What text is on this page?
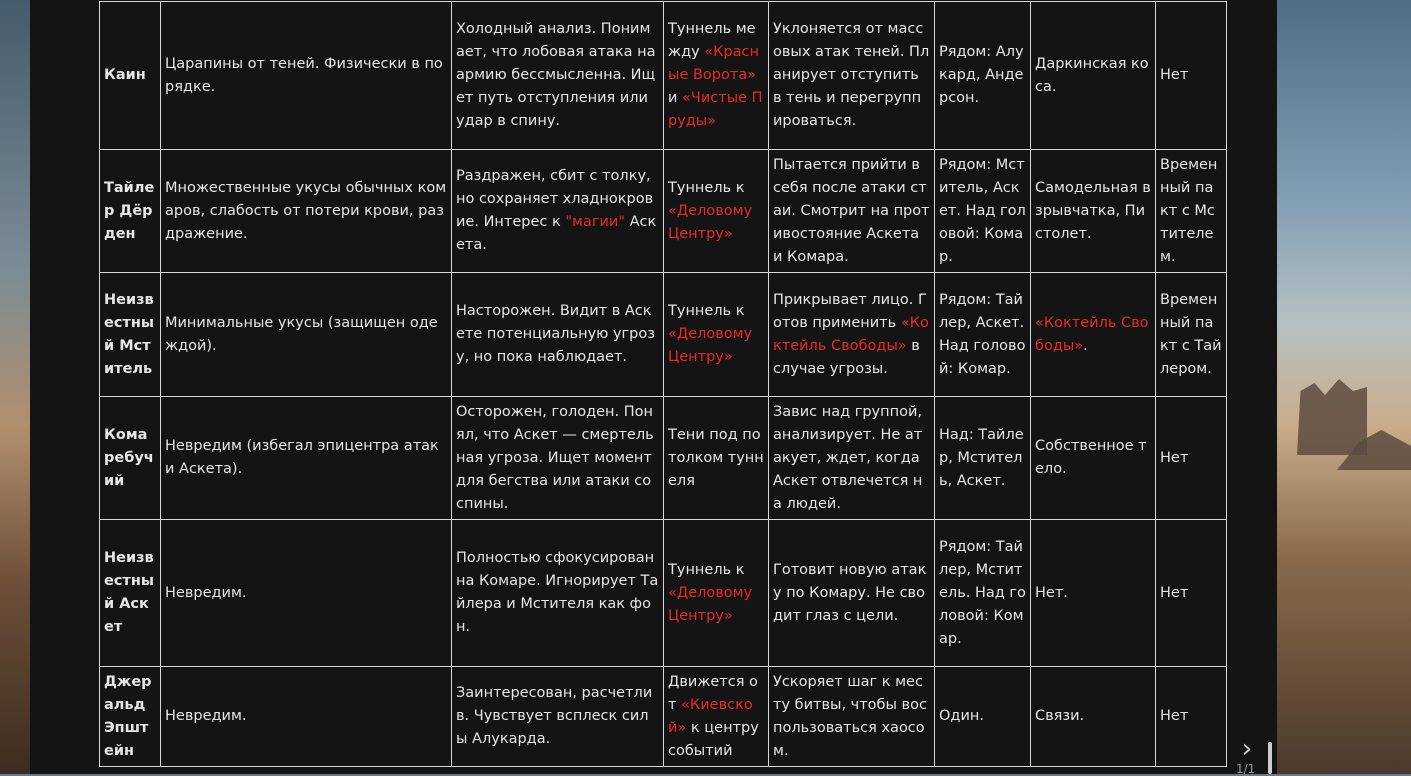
Каин	Царапины от теней. Физически в порядке.	Холодный анализ. Понимает, что лобовая атака на армию бессмысленна. Ищет путь отступления или удар в спину.	Туннель между «Красные Ворота» и «Чистые Пруды»	Уклоняется от массовых атак теней. Планирует отступить в тень и перегруппироваться.	Рядом: Алукард, Андерсон.	Даркинская коса.	Нет
Тайлер Дёрден	Множественные укусы обычных комаров, слабость от потери крови, раздражение.	Раздражен, сбит с толку, но сохраняет хладнокровие. Интерес к "магии" Аскета.	Туннель к «Деловому Центру»	Пытается прийти в себя после атаки стаи. Смотрит на противостояние Аскета и Комара.	Рядом: Мститель, Аскет. Над головой: Комар.	Самодельная взрывчатка, Пистолет.	Временный пакт с Мстителем.
Неизвестный Мститель	Минимальные укусы (защищен одеждой).	Насторожен. Видит в Аскете потенциальную угрозу, но пока наблюдает.	Туннель к «Деловому Центру»	Прикрывает лицо. Готов применить «Коктейль Свободы» в случае угрозы.	Рядом: Тайлер, Аскет. Над головой: Комар.	«Коктейль Свободы».	Временный пакт с Тайлером.
Комаребучий	Невредим (избегал эпицентра атаки Аскета).	Осторожен, голоден. Понял, что Аскет — смертельная угроза. Ищет момент для бегства или атаки со спины.	Тени под потолком туннеля	Завис над группой, анализирует. Не атакует, ждет, когда Аскет отвлечется на людей.	Над: Тайлер, Мститель, Аскет.	Собственное тело.	Нет
Неизвестный Аскет	Невредим.	Полностью сфокусирован на Комаре. Игнорирует Тайлера и Мстителя как фон.	Туннель к «Деловому Центру»	Готовит новую атаку по Комару. Не сводит глаз с цели.	Рядом: Тайлер, Мститель. Над головой: Комар.	Нет.	Нет
Джеральд Эпштейн	Невредим.	Заинтересован, расчетлив. Чувствует всплеск силы Алукарда.	Движется от «Киевской» к центру событий	Ускоряет шаг к месту битвы, чтобы воспользоваться хаосом.	Один.	Связи.	Нет
›
1/1
